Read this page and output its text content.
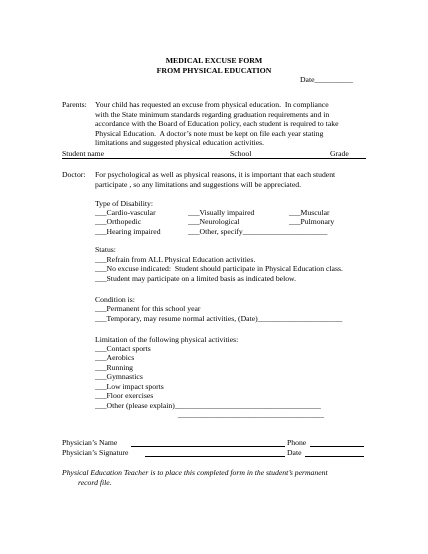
MEDICAL EXCUSE FORM
FROM PHYSICAL EDUCATION
Date__________
Parents: Your child has requested an excuse from physical education.  In compliance
with the State minimum standards regarding graduation requirements and in
accordance with the Board of Education policy, each student is required to take
Physical Education.  A doctor’s note must be kept on file each year stating
limitations and suggested physical education activities.
Student name	School	Grade
Doctor: For psychological as well as physical reasons, it is important that each student
participate , so any limitations and suggestions will be appreciated.
Type of Disability:
___Cardio-vascular	___Visually impaired	___Muscular
___Orthopedic	___Neurological	___Pulmonary
___Hearing impaired	___Other, specify______________________
Status:
___Refrain from ALL Physical Education activities.
___No excuse indicated:  Student should participate in Physical Education class.
___Student may participate on a limited basis as indicated below.
Condition is:
___Permanent for this school year
___Temporary, may resume normal activities, (Date)______________________
Limitation of the following physical activities:
___Contact sports
___Aerobics
___Running
___Gymnastics
___Low impact sports
___Floor exercises
___Other (please explain)______________________________________
______________________________________
Physician’s Name	Phone
Physician’s Signature	Date
Physical Education Teacher is to place this completed form in the student’s permanent
record file.
